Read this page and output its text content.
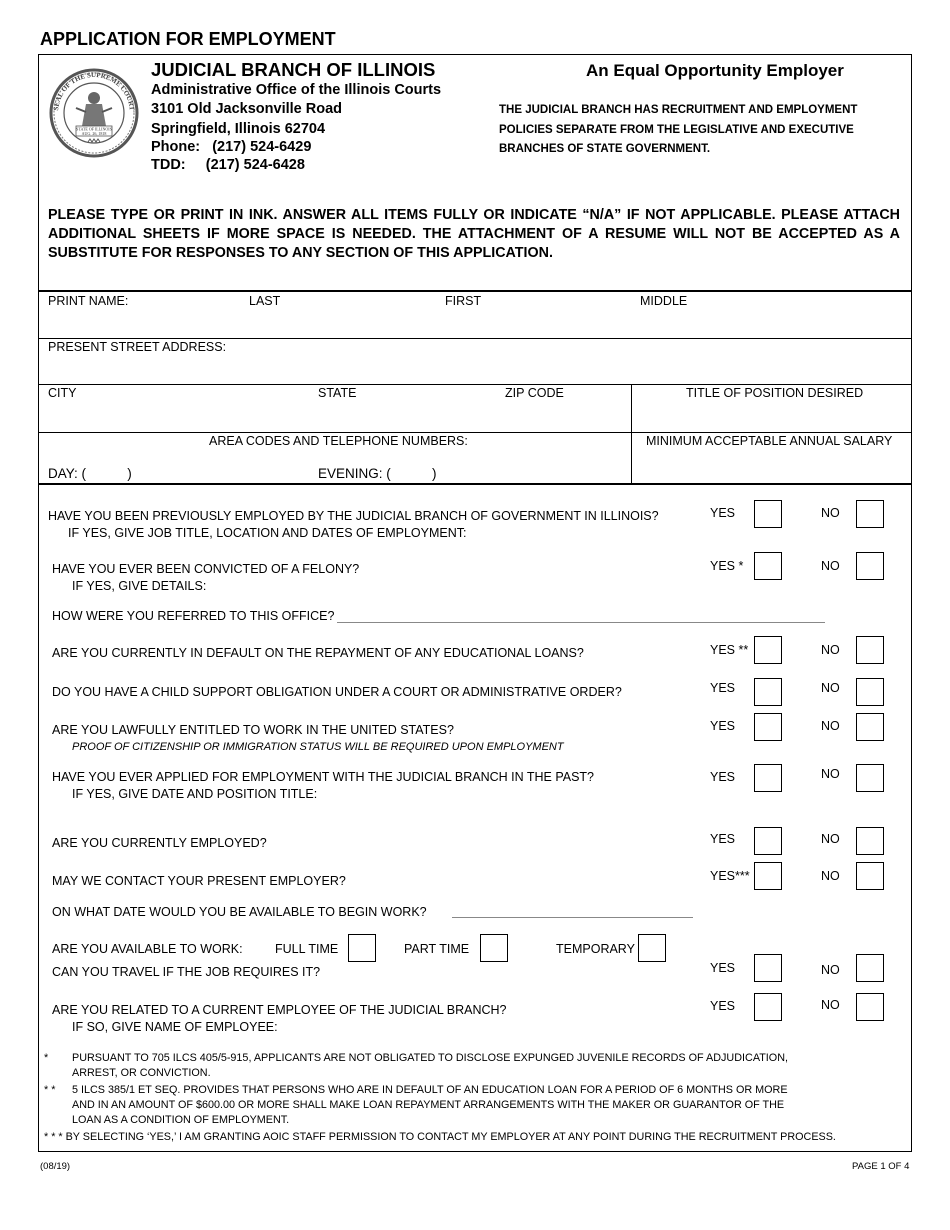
APPLICATION FOR EMPLOYMENT
SEAL OF THE SUPREME COURT
STATE OF ILLINOIS
AUG. 26, 1818
JUDICIAL BRANCH OF ILLINOIS
Administrative Office of the Illinois Courts
3101 Old Jacksonville Road
Springfield, Illinois 62704
Phone:   (217) 524-6429
TDD:     (217) 524-6428
An Equal Opportunity Employer
THE JUDICIAL BRANCH HAS RECRUITMENT AND EMPLOYMENT POLICIES SEPARATE FROM THE LEGISLATIVE AND EXECUTIVE BRANCHES OF STATE GOVERNMENT.
PLEASE TYPE OR PRINT IN INK. ANSWER ALL ITEMS FULLY OR INDICATE “N/A” IF NOT APPLICABLE. PLEASE ATTACH ADDITIONAL SHEETS IF MORE SPACE IS NEEDED. THE ATTACHMENT OF A RESUME WILL NOT BE ACCEPTED AS A SUBSTITUTE FOR RESPONSES TO ANY SECTION OF THIS APPLICATION.
PRINT NAME:	LAST	FIRST	MIDDLE
PRESENT STREET ADDRESS:
CITY	STATE	ZIP CODE	TITLE OF POSITION DESIRED
AREA CODES AND TELEPHONE NUMBERS:	MINIMUM ACCEPTABLE ANNUAL SALARY
DAY: (           )	EVENING: (           )
HAVE YOU BEEN PREVIOUSLY EMPLOYED BY THE JUDICIAL BRANCH OF GOVERNMENT IN ILLINOIS?
IF YES, GIVE JOB TITLE, LOCATION AND DATES OF EMPLOYMENT:
YES	NO
HAVE YOU EVER BEEN CONVICTED OF A FELONY?
IF YES, GIVE DETAILS:
YES *	NO
HOW WERE YOU REFERRED TO THIS OFFICE?
ARE YOU CURRENTLY IN DEFAULT ON THE REPAYMENT OF ANY EDUCATIONAL LOANS?	YES **	NO
DO YOU HAVE A CHILD SUPPORT OBLIGATION UNDER A COURT OR ADMINISTRATIVE ORDER?	YES	NO
ARE YOU LAWFULLY ENTITLED TO WORK IN THE UNITED STATES?
PROOF OF CITIZENSHIP OR IMMIGRATION STATUS WILL BE REQUIRED UPON EMPLOYMENT
YES	NO
HAVE YOU EVER APPLIED FOR EMPLOYMENT WITH THE JUDICIAL BRANCH IN THE PAST?
IF YES, GIVE DATE AND POSITION TITLE:
YES	NO
ARE YOU CURRENTLY EMPLOYED?	YES	NO
MAY WE CONTACT YOUR PRESENT EMPLOYER?	YES***	NO
ON WHAT DATE WOULD YOU BE AVAILABLE TO BEGIN WORK?
ARE YOU AVAILABLE TO WORK:	FULL TIME	PART TIME	TEMPORARY
CAN YOU TRAVEL IF THE JOB REQUIRES IT?	YES	NO
ARE YOU RELATED TO A CURRENT EMPLOYEE OF THE JUDICIAL BRANCH?
IF SO, GIVE NAME OF EMPLOYEE:
YES	NO
* PURSUANT TO 705 ILCS 405/5-915, APPLICANTS ARE NOT OBLIGATED TO DISCLOSE EXPUNGED JUVENILE RECORDS OF ADJUDICATION, ARREST, OR CONVICTION.
* * 5 ILCS 385/1 ET SEQ. PROVIDES THAT PERSONS WHO ARE IN DEFAULT OF AN EDUCATION LOAN FOR A PERIOD OF 6 MONTHS OR MORE AND IN AN AMOUNT OF $600.00 OR MORE SHALL MAKE LOAN REPAYMENT ARRANGEMENTS WITH THE MAKER OR GUARANTOR OF THE LOAN AS A CONDITION OF EMPLOYMENT.
* * * BY SELECTING ‘YES,’ I AM GRANTING AOIC STAFF PERMISSION TO CONTACT MY EMPLOYER AT ANY POINT DURING THE RECRUITMENT PROCESS.
(08/19)	PAGE 1 OF 4
